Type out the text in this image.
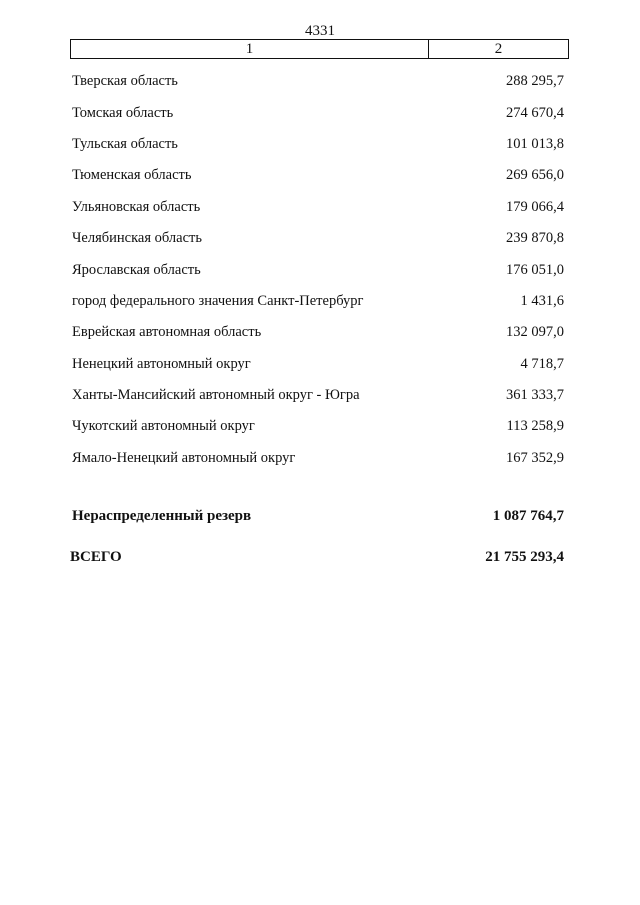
4331
1	2
Тверская область	288 295,7
Томская область	274 670,4
Тульская область	101 013,8
Тюменская область	269 656,0
Ульяновская область	179 066,4
Челябинская область	239 870,8
Ярославская область	176 051,0
город федерального значения Санкт-Петербург	1 431,6
Еврейская автономная область	132 097,0
Ненецкий автономный округ	4 718,7
Ханты-Мансийский автономный округ - Югра	361 333,7
Чукотский автономный округ	113 258,9
Ямало-Ненецкий автономный округ	167 352,9
Нераспределенный резерв	1 087 764,7
ВСЕГО	21 755 293,4
